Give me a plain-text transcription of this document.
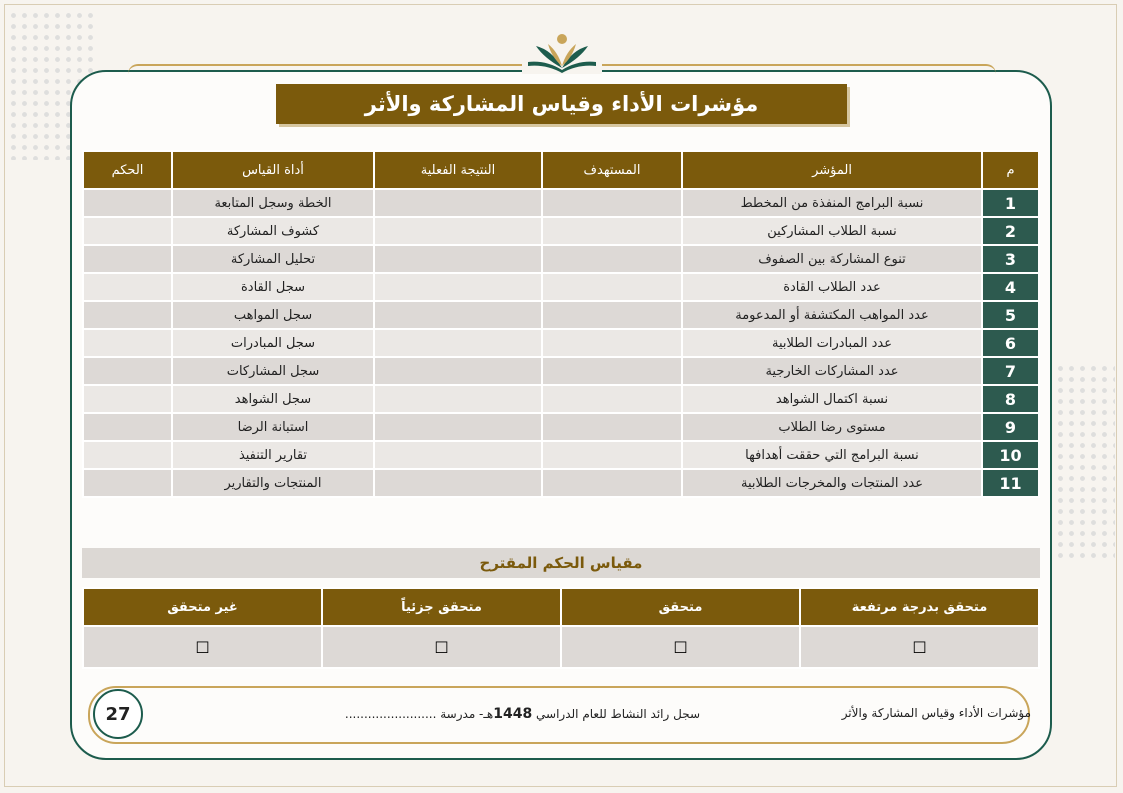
مؤشرات الأداء وقياس المشاركة والأثر
م	المؤشر	المستهدف	النتيجة الفعلية	أداة القياس	الحكم
1	نسبة البرامج المنفذة من المخطط			الخطة وسجل المتابعة	
2	نسبة الطلاب المشاركين			كشوف المشاركة	
3	تنوع المشاركة بين الصفوف			تحليل المشاركة	
4	عدد الطلاب القادة			سجل القادة	
5	عدد المواهب المكتشفة أو المدعومة			سجل المواهب	
6	عدد المبادرات الطلابية			سجل المبادرات	
7	عدد المشاركات الخارجية			سجل المشاركات	
8	نسبة اكتمال الشواهد			سجل الشواهد	
9	مستوى رضا الطلاب			استبانة الرضا	
10	نسبة البرامج التي حققت أهدافها			تقارير التنفيذ	
11	عدد المنتجات والمخرجات الطلابية			المنتجات والتقارير	
مقياس الحكم المقترح
متحقق بدرجة مرتفعة	متحقق	متحقق جزئياً	غير متحقق
☐	☐	☐	☐
27	مؤشرات الأداء وقياس المشاركة والأثر
سجل رائد النشاط للعام الدراسي 1448هـ- مدرسة ........................
